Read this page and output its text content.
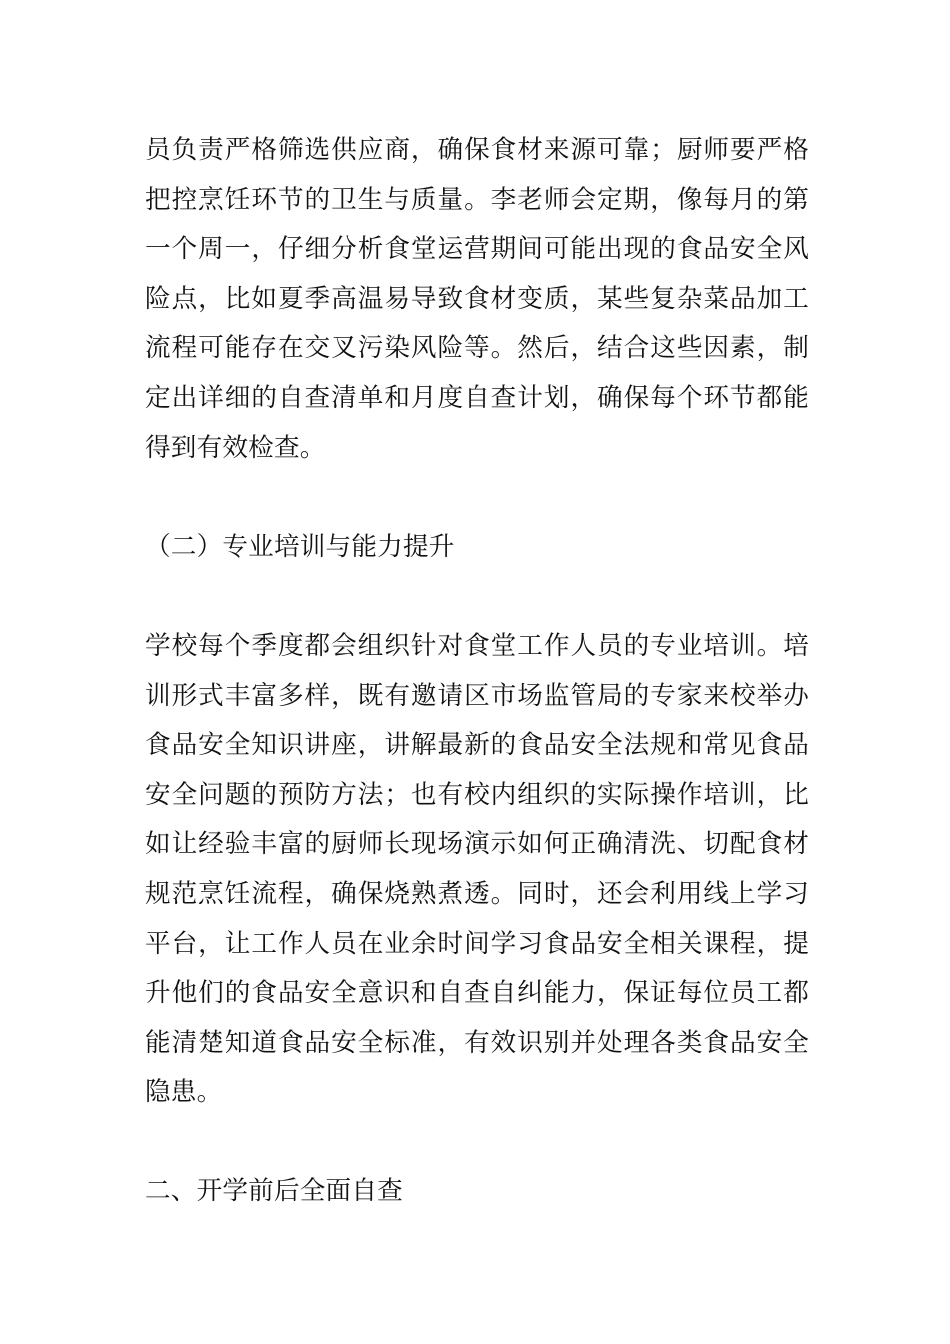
员负责严格筛选供应商，确保食材来源可靠；厨师要严格把控烹饪环节的卫生与质量。李老师会定期，像每月的第一个周一，仔细分析食堂运营期间可能出现的食品安全风险点，比如夏季高温易导致食材变质，某些复杂菜品加工流程可能存在交叉污染风险等。然后，结合这些因素，制定出详细的自查清单和月度自查计划，确保每个环节都能得到有效检查。

（二）专业培训与能力提升

学校每个季度都会组织针对食堂工作人员的专业培训。培训形式丰富多样，既有邀请区市场监管局的专家来校举办食品安全知识讲座，讲解最新的食品安全法规和常见食品安全问题的预防方法；也有校内组织的实际操作培训，比如让经验丰富的厨师长现场演示如何正确清洗、切配食材规范烹饪流程，确保烧熟煮透。同时，还会利用线上学习平台，让工作人员在业余时间学习食品安全相关课程，提升他们的食品安全意识和自查自纠能力，保证每位员工都能清楚知道食品安全标准，有效识别并处理各类食品安全隐患。

二、开学前后全面自查
